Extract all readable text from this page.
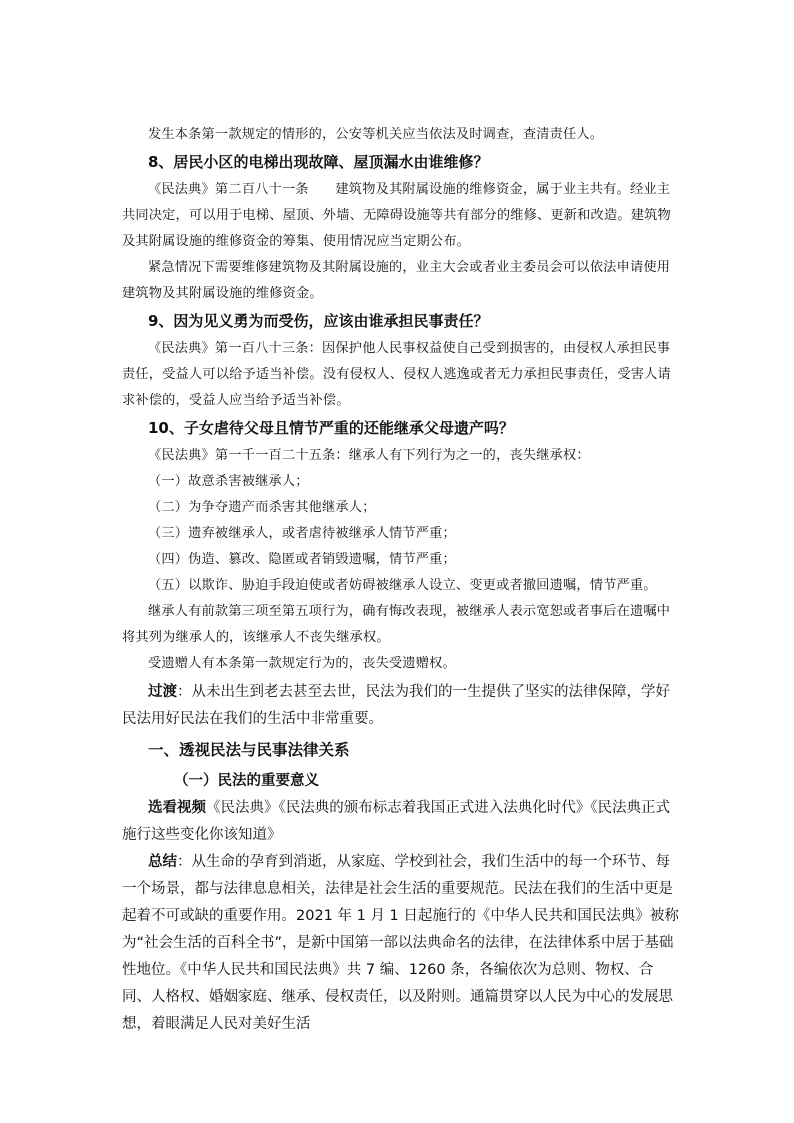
发生本条第一款规定的情形的，公安等机关应当依法及时调查，查清责任人。

8、居民小区的电梯出现故障、屋顶漏水由谁维修？

《民法典》第二百八十一条　　建筑物及其附属设施的维修资金，属于业主共有。经业主共同决定，可以用于电梯、屋顶、外墙、无障碍设施等共有部分的维修、更新和改造。建筑物及其附属设施的维修资金的筹集、使用情况应当定期公布。

紧急情况下需要维修建筑物及其附属设施的，业主大会或者业主委员会可以依法申请使用建筑物及其附属设施的维修资金。

9、因为见义勇为而受伤，应该由谁承担民事责任？

《民法典》第一百八十三条：因保护他人民事权益使自己受到损害的，由侵权人承担民事责任，受益人可以给予适当补偿。没有侵权人、侵权人逃逸或者无力承担民事责任，受害人请求补偿的，受益人应当给予适当补偿。

10、子女虐待父母且情节严重的还能继承父母遗产吗？

《民法典》第一千一百二十五条：继承人有下列行为之一的，丧失继承权：

（一）故意杀害被继承人；

（二）为争夺遗产而杀害其他继承人；

（三）遗弃被继承人，或者虐待被继承人情节严重；

（四）伪造、篡改、隐匿或者销毁遗嘱，情节严重；

（五）以欺诈、胁迫手段迫使或者妨碍被继承人设立、变更或者撤回遗嘱，情节严重。

继承人有前款第三项至第五项行为，确有悔改表现，被继承人表示宽恕或者事后在遗嘱中将其列为继承人的，该继承人不丧失继承权。

受遗赠人有本条第一款规定行为的，丧失受遗赠权。

过渡：从未出生到老去甚至去世，民法为我们的一生提供了坚实的法律保障，学好民法用好民法在我们的生活中非常重要。

一、透视民法与民事法律关系

（一）民法的重要意义

选看视频《民法典》《民法典的颁布标志着我国正式进入法典化时代》《民法典正式施行这些变化你该知道》

总结：从生命的孕育到消逝，从家庭、学校到社会，我们生活中的每一个环节、每一个场景，都与法律息息相关，法律是社会生活的重要规范。民法在我们的生活中更是起着不可或缺的重要作用。2021 年 1 月 1 日起施行的《中华人民共和国民法典》被称为“社会生活的百科全书”，是新中国第一部以法典命名的法律，在法律体系中居于基础性地位。《中华人民共和国民法典》共 7 编、1260 条，各编依次为总则、物权、合同、人格权、婚姻家庭、继承、侵权责任，以及附则。通篇贯穿以人民为中心的发展思想，着眼满足人民对美好生活
